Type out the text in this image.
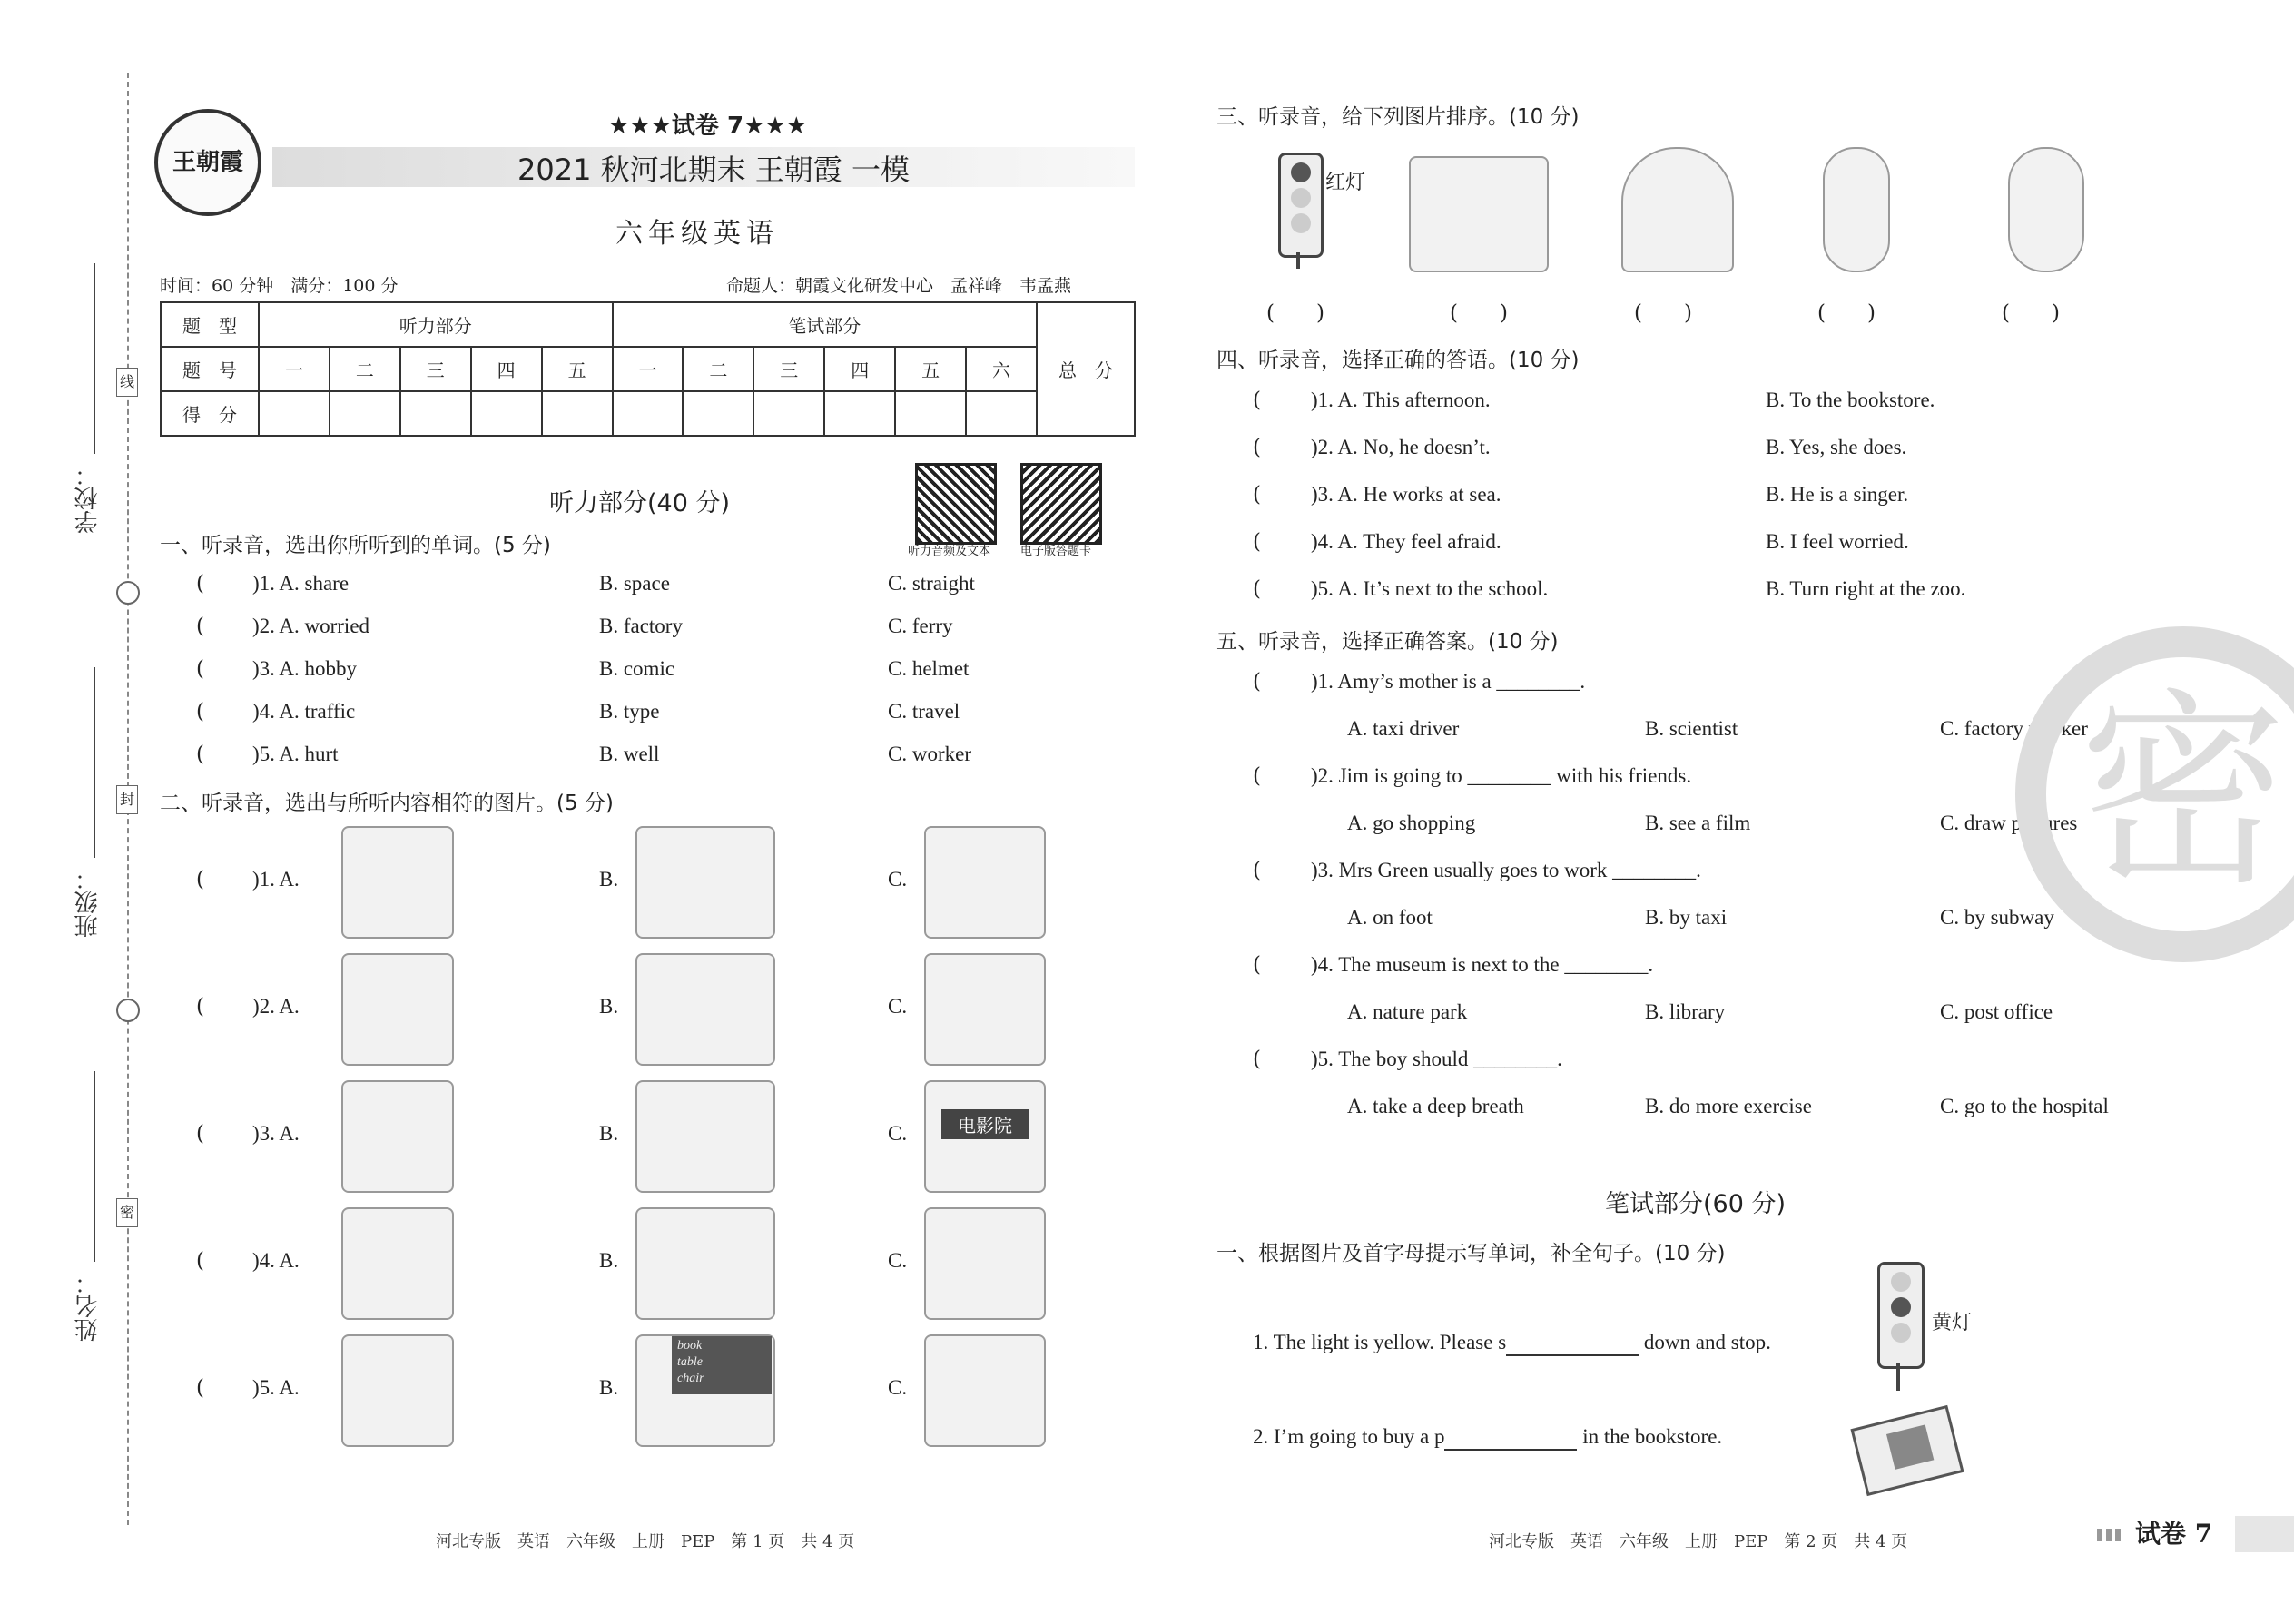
线
封
密
学校：
班级：
姓名：
王朝霞
★★★试卷 7★★★
2021 秋河北期末 王朝霞 一模
六年级英语
时间：60 分钟　满分：100 分	命题人：朝霞文化研发中心　孟祥峰　韦孟燕
题　型	听力部分					笔试部分						总　分
题　号	一	二	三	四	五	一	二	三	四	五	六	
得　分												
听力部分(40 分)
听力音频及文本	电子版答题卡
一、听录音，选出你所听到的单词。(5 分)
( )1. A. share	B. space	C. straight
( )2. A. worried	B. factory	C. ferry
( )3. A. hobby	B. comic	C. helmet
( )4. A. traffic	B. type	C. travel
( )5. A. hurt	B. well	C. worker
二、听录音，选出与所听内容相符的图片。(5 分)
( )1. A.	B.	C.
( )2. A.	B.	C.
( )3. A.	B.	C.	电影院
( )4. A.	B.	C.
( )5. A.	B.	C.
book
table
chair
三、听录音，给下列图片排序。(10 分)
红灯
(　　)	(　　)	(　　)	(　　)	(　　)
四、听录音，选择正确的答语。(10 分)
( )1. A. This afternoon.	B. To the bookstore.
( )2. A. No, he doesn’t.	B. Yes, she does.
( )3. A. He works at sea.	B. He is a singer.
( )4. A. They feel afraid.	B. I feel worried.
( )5. A. It’s next to the school.	B. Turn right at the zoo.
五、听录音，选择正确答案。(10 分)
( )1. Amy’s mother is a ________.
A. taxi driver	B. scientist	C. factory worker
( )2. Jim is going to ________ with his friends.
A. go shopping	B. see a film	C. draw pictures
( )3. Mrs Green usually goes to work ________.
A. on foot	B. by taxi	C. by subway
( )4. The museum is next to the ________.
A. nature park	B. library	C. post office
( )5. The boy should ________.
A. take a deep breath	B. do more exercise	C. go to the hospital
密
笔试部分(60 分)
一、根据图片及首字母提示写单词，补全句子。(10 分)
1. The light is yellow. Please s	down and stop.
黄灯
2. I’m going to buy a p	in the bookstore.
河北专版　英语　六年级　上册　PEP　第 1 页　共 4 页	河北专版　英语　六年级　上册　PEP　第 2 页　共 4 页	试卷 7
